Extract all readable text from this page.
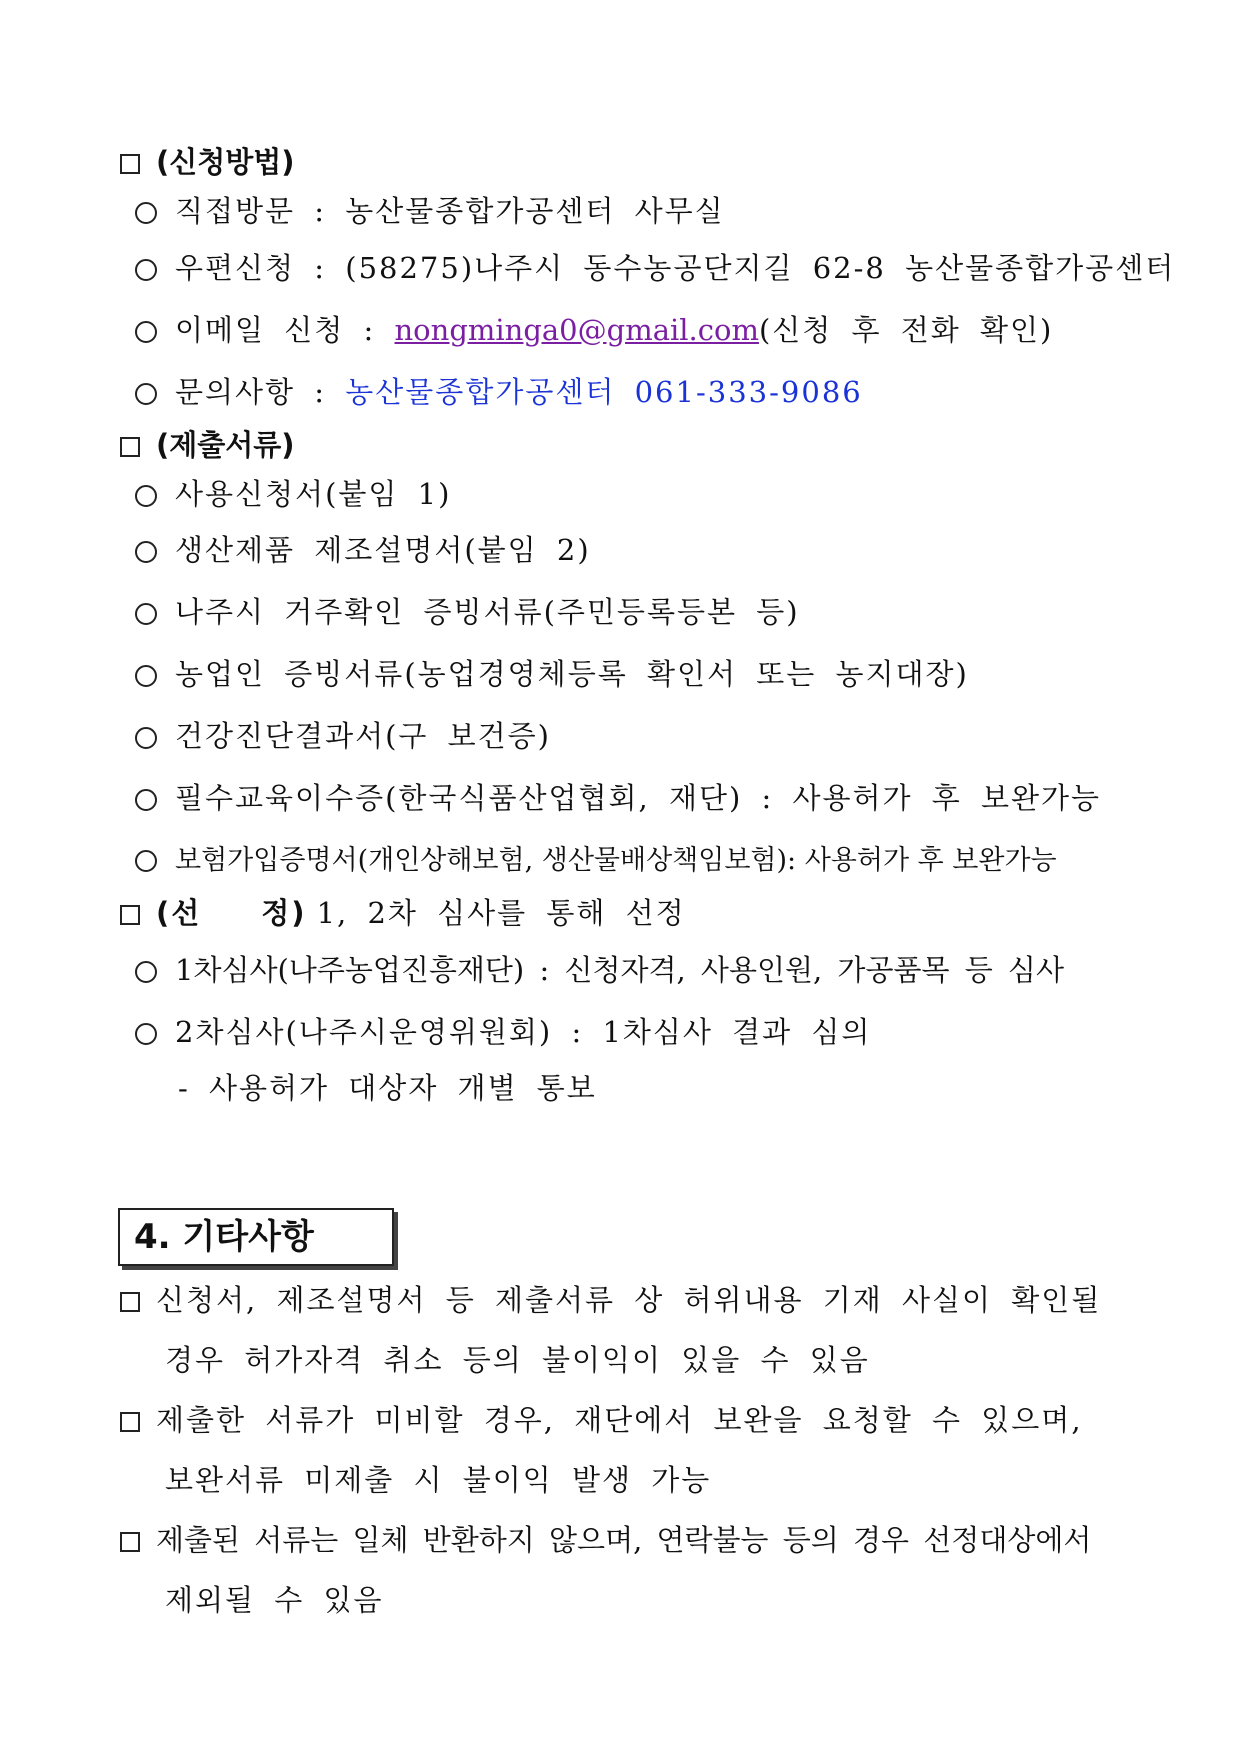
(신청방법)
직접방문 : 농산물종합가공센터 사무실
우편신청 : (58275)나주시 동수농공단지길 62-8 농산물종합가공센터
이메일 신청 : nongminga0@gmail.com(신청 후 전화 확인)
문의사항 : 농산물종합가공센터 061-333-9086
(제출서류)
사용신청서(붙임 1)
생산제품 제조설명서(붙임 2)
나주시 거주확인 증빙서류(주민등록등본 등)
농업인 증빙서류(농업경영체등록 확인서 또는 농지대장)
건강진단결과서(구 보건증)
필수교육이수증(한국식품산업협회, 재단) : 사용허가 후 보완가능
보험가입증명서(개인상해보험, 생산물배상책임보험): 사용허가 후 보완가능
(선 정) 1, 2차 심사를 통해 선정
1차심사(나주농업진흥재단) : 신청자격, 사용인원, 가공품목 등 심사
2차심사(나주시운영위원회) : 1차심사 결과 심의
- 사용허가 대상자 개별 통보
4. 기타사항
신청서, 제조설명서 등 제출서류 상 허위내용 기재 사실이 확인될
경우 허가자격 취소 등의 불이익이 있을 수 있음
제출한 서류가 미비할 경우, 재단에서 보완을 요청할 수 있으며,
보완서류 미제출 시 불이익 발생 가능
제출된 서류는 일체 반환하지 않으며, 연락불능 등의 경우 선정대상에서
제외될 수 있음
